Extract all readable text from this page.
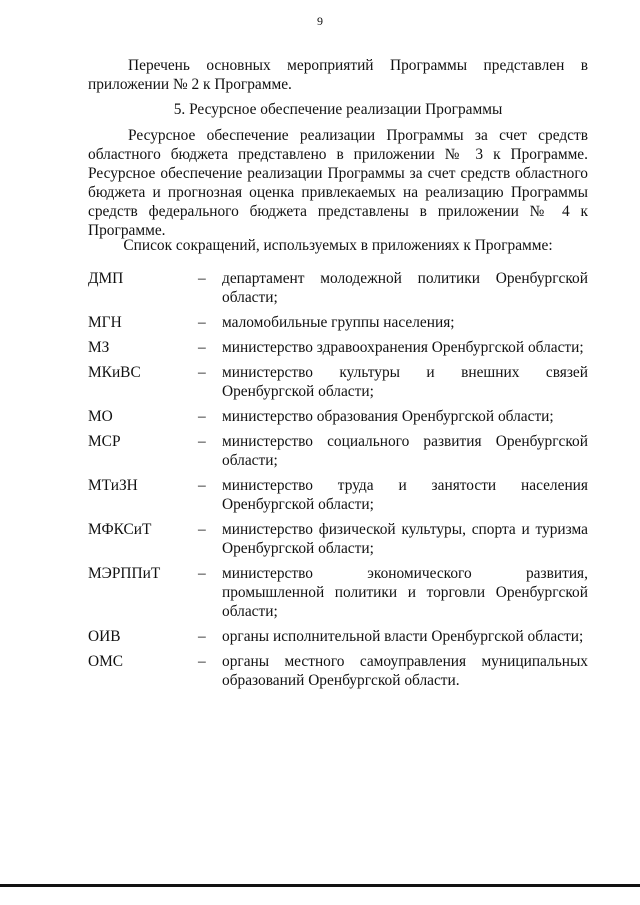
9

Перечень основных мероприятий Программы представлен в приложении № 2 к Программе.

5. Ресурсное обеспечение реализации Программы

Ресурсное обеспечение реализации Программы за счет средств областного бюджета представлено в приложении № 3 к Программе. Ресурсное обеспечение реализации Программы за счет средств областного бюджета и прогнозная оценка привлекаемых на реализацию Программы средств федерального бюджета представлены в приложении № 4 к Программе.

Список сокращений, используемых в приложениях к Программе:

ДМП	–	департамент молодежной политики Оренбургской области;
МГН	–	маломобильные группы населения;
МЗ	–	министерство здравоохранения Оренбургской области;
МКиВС	–	министерство культуры и внешних связей Оренбургской области;
МО	–	министерство образования Оренбургской области;
МСР	–	министерство социального развития Оренбургской области;
МТиЗН	–	министерство труда и занятости населения Оренбургской области;
МФКСиТ	–	министерство физической культуры, спорта и туризма Оренбургской области;
МЭРППиТ	–	министерство экономического развития, промышленной политики и торговли Оренбургской области;
ОИВ	–	органы исполнительной власти Оренбургской области;
ОМС	–	органы местного самоуправления муниципальных образований Оренбургской области.
